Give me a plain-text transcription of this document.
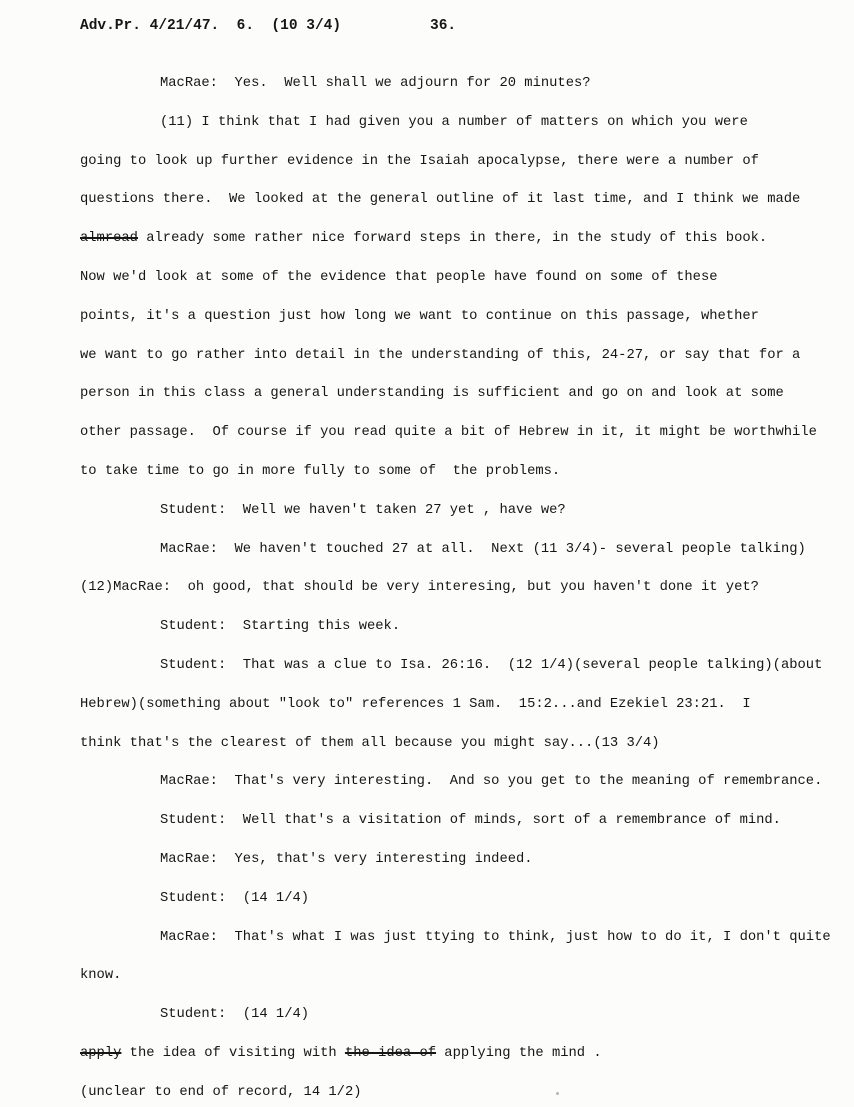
Adv.Pr. 4/21/47.  6.  (10 3/4)	36.
MacRae:  Yes.  Well shall we adjourn for 20 minutes?
(11) I think that I had given you a number of matters on which you were
going to look up further evidence in the Isaiah apocalypse, there were a number of
questions there.  We looked at the general outline of it last time, and I think we made
almread already some rather nice forward steps in there, in the study of this book.
Now we'd look at some of the evidence that people have found on some of these
points, it's a question just how long we want to continue on this passage, whether
we want to go rather into detail in the understanding of this, 24-27, or say that for a
person in this class a general understanding is sufficient and go on and look at some
other passage.  Of course if you read quite a bit of Hebrew in it, it might be worthwhile
to take time to go in more fully to some of  the problems.
Student:  Well we haven't taken 27 yet , have we?
MacRae:  We haven't touched 27 at all.  Next (11 3/4)- several people talking)
(12)MacRae:  oh good, that should be very interesing, but you haven't done it yet?
Student:  Starting this week.
Student:  That was a clue to Isa. 26:16.  (12 1/4)(several people talking)(about
Hebrew)(something about "look to" references 1 Sam.  15:2...and Ezekiel 23:21.  I
think that's the clearest of them all because you might say...(13 3/4)
MacRae:  That's very interesting.  And so you get to the meaning of remembrance.
Student:  Well that's a visitation of minds, sort of a remembrance of mind.
MacRae:  Yes, that's very interesting indeed.
Student:  (14 1/4)
MacRae:  That's what I was just ttying to think, just how to do it, I don't quite
know.
Student:  (14 1/4)
apply the idea of visiting with the idea of applying the mind .
(unclear to end of record, 14 1/2)
